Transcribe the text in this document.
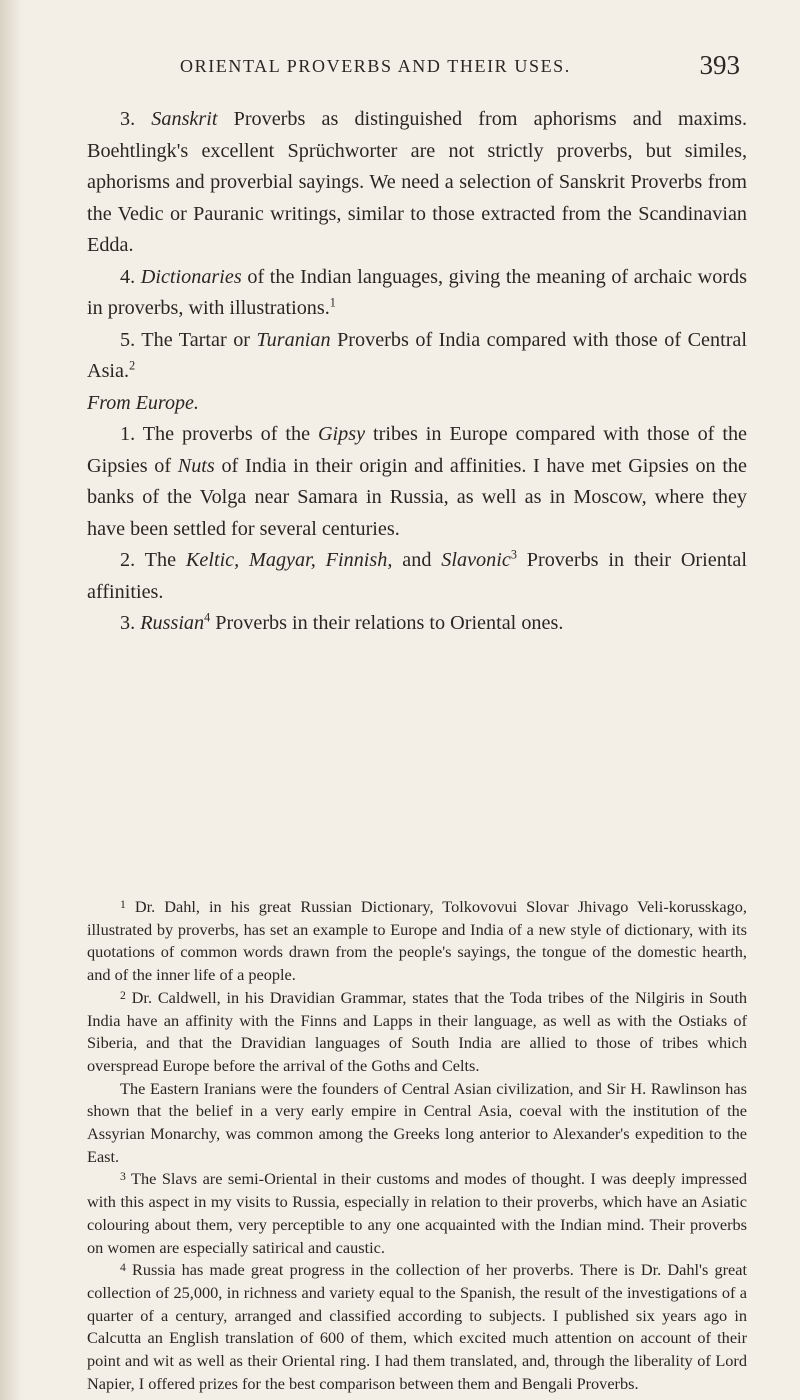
ORIENTAL PROVERBS AND THEIR USES.	393

3. Sanskrit Proverbs as distinguished from aphorisms and maxims. Boehtlingk's excellent Sprüchworter are not strictly proverbs, but similes, aphorisms and proverbial sayings. We need a selection of Sanskrit Proverbs from the Vedic or Pauranic writings, similar to those extracted from the Scandinavian Edda.

4. Dictionaries of the Indian languages, giving the meaning of archaic words in proverbs, with illustrations.$^1$

5. The Tartar or Turanian Proverbs of India compared with those of Central Asia.$^2$

From Europe.

1. The proverbs of the Gipsy tribes in Europe compared with those of the Gipsies of Nuts of India in their origin and affinities. I have met Gipsies on the banks of the Volga near Samara in Russia, as well as in Moscow, where they have been settled for several centuries.

2. The Keltic, Magyar, Finnish, and Slavonic$^3$ Proverbs in their Oriental affinities.

3. Russian$^4$ Proverbs in their relations to Oriental ones.

$^1$ Dr. Dahl, in his great Russian Dictionary, Tolkovovui Slovar Jhivago Veli-korusskago, illustrated by proverbs, has set an example to Europe and India of a new style of dictionary, with its quotations of common words drawn from the people's sayings, the tongue of the domestic hearth, and of the inner life of a people.

$^2$ Dr. Caldwell, in his Dravidian Grammar, states that the Toda tribes of the Nilgiris in South India have an affinity with the Finns and Lapps in their language, as well as with the Ostiaks of Siberia, and that the Dravidian languages of South India are allied to those of tribes which overspread Europe before the arrival of the Goths and Celts.

The Eastern Iranians were the founders of Central Asian civilization, and Sir H. Rawlinson has shown that the belief in a very early empire in Central Asia, coeval with the institution of the Assyrian Monarchy, was common among the Greeks long anterior to Alexander's expedition to the East.

$^3$ The Slavs are semi-Oriental in their customs and modes of thought. I was deeply impressed with this aspect in my visits to Russia, especially in relation to their proverbs, which have an Asiatic colouring about them, very perceptible to any one acquainted with the Indian mind. Their proverbs on women are especially satirical and caustic.

$^4$ Russia has made great progress in the collection of her proverbs. There is Dr. Dahl's great collection of 25,000, in richness and variety equal to the Spanish, the result of the investigations of a quarter of a century, arranged and classified according to subjects. I published six years ago in Calcutta an English translation of 600 of them, which excited much attention on account of their point and wit as well as their Oriental ring. I had them translated, and, through the liberality of Lord Napier, I offered prizes for the best comparison between them and Bengali Proverbs.
